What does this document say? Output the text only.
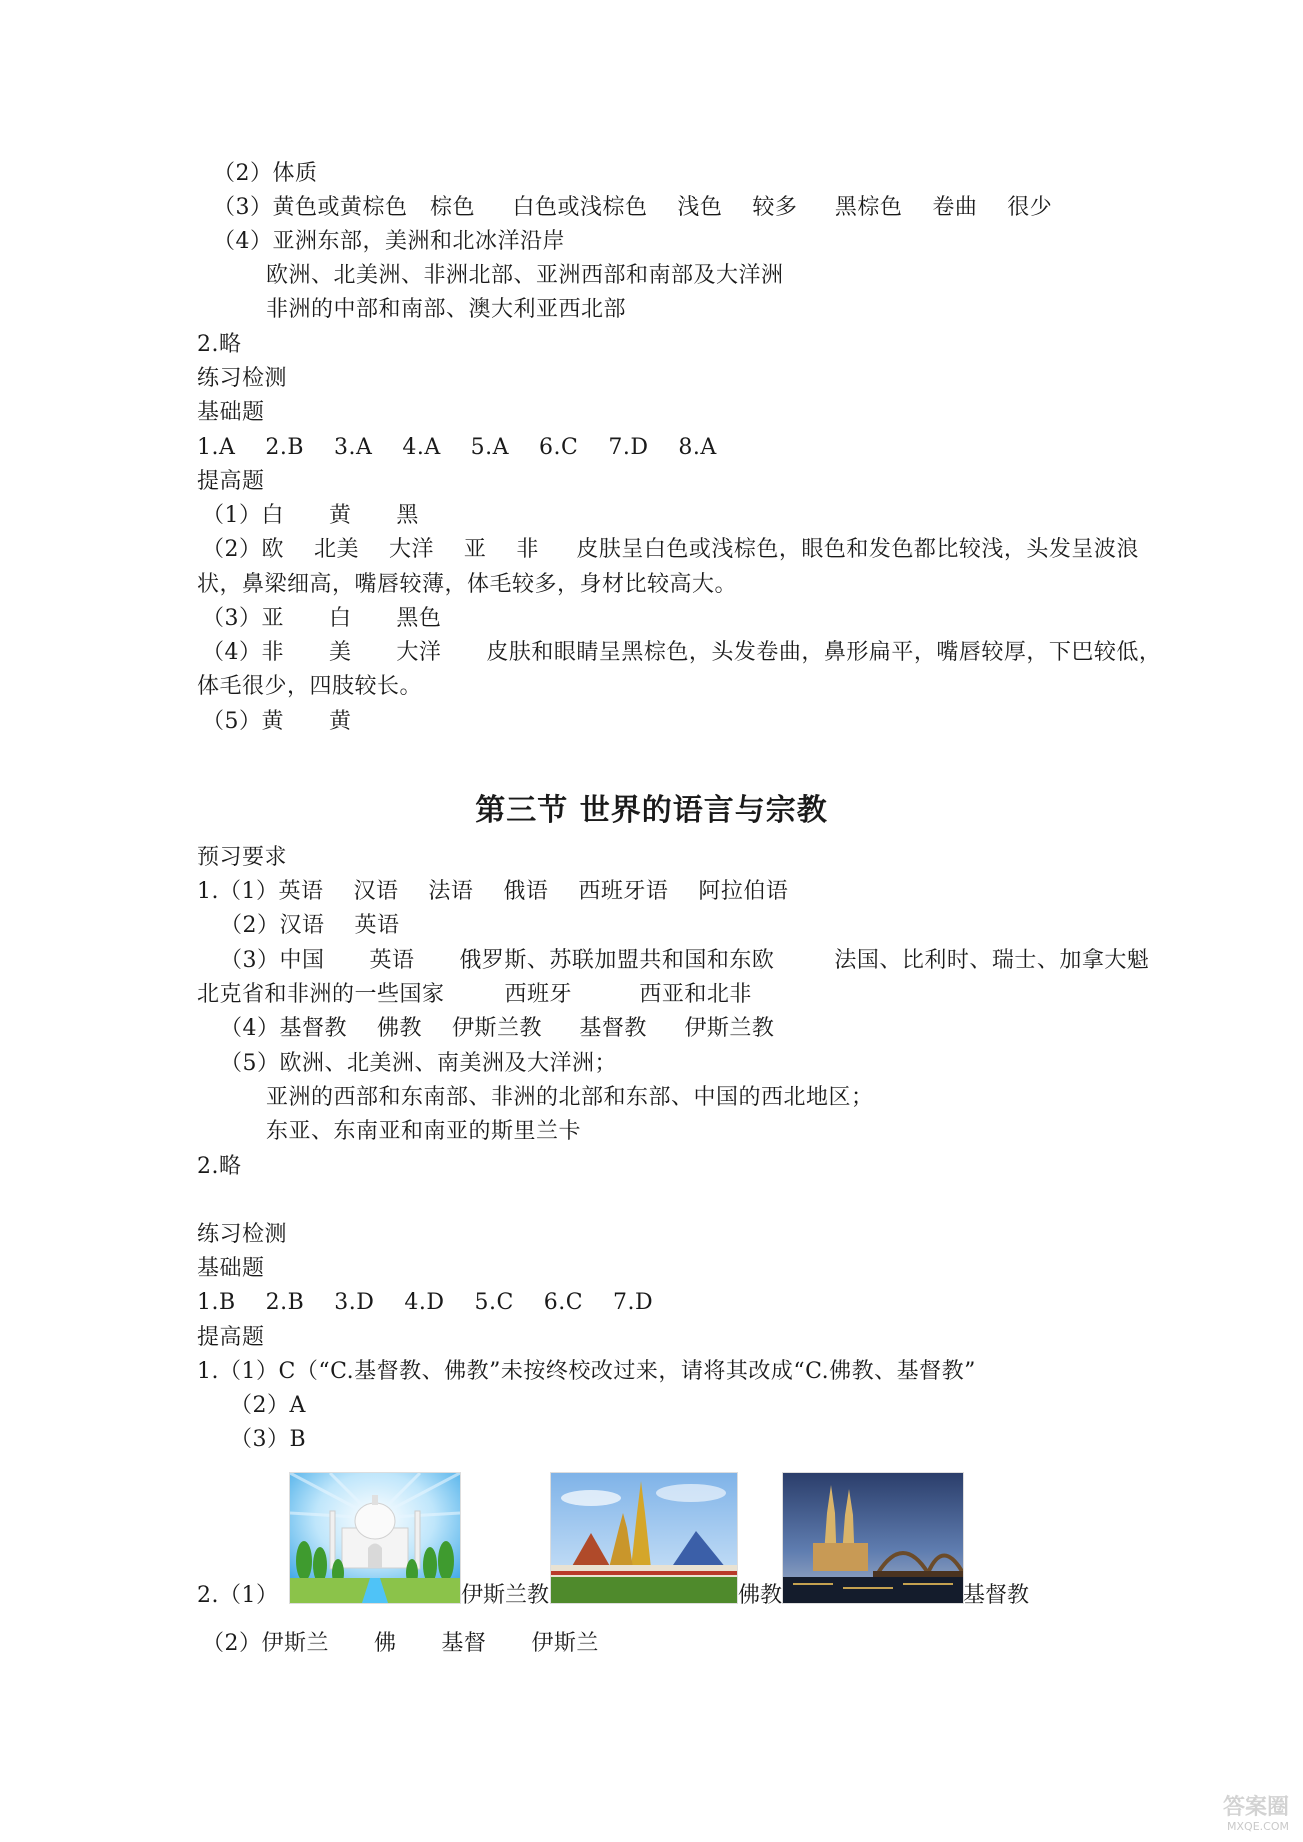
（2）体质
（3）黄色或黄棕色   棕色     白色或浅棕色    浅色    较多     黑棕色    卷曲    很少
（4）亚洲东部，美洲和北冰洋沿岸
欧洲、北美洲、非洲北部、亚洲西部和南部及大洋洲
非洲的中部和南部、澳大利亚西北部
2.略
练习检测
基础题
1.A    2.B    3.A    4.A    5.A    6.C    7.D    8.A
提高题
（1）白      黄      黑
（2）欧    北美    大洋    亚    非     皮肤呈白色或浅棕色，眼色和发色都比较浅，头发呈波浪
状，鼻梁细高，嘴唇较薄，体毛较多，身材比较高大。
（3）亚      白      黑色
（4）非      美      大洋      皮肤和眼睛呈黑棕色，头发卷曲，鼻形扁平，嘴唇较厚，下巴较低，
体毛很少，四肢较长。
（5）黄      黄
第三节 世界的语言与宗教
预习要求
1.（1）英语    汉语    法语    俄语    西班牙语    阿拉伯语
（2）汉语    英语
（3）中国      英语      俄罗斯、苏联加盟共和国和东欧        法国、比利时、瑞士、加拿大魁
北克省和非洲的一些国家        西班牙         西亚和北非
（4）基督教    佛教    伊斯兰教     基督教     伊斯兰教
（5）欧洲、北美洲、南美洲及大洋洲；
亚洲的西部和东南部、非洲的北部和东部、中国的西北地区；
东亚、东南亚和南亚的斯里兰卡
2.略
练习检测
基础题
1.B    2.B    3.D    4.D    5.C    6.C    7.D
提高题
1.（1）C（“C.基督教、佛教”未按终校改过来，请将其改成“C.佛教、基督教”
（2）A
（3）B
2.（1）	伊斯兰教	佛教	基督教
（2）伊斯兰      佛      基督      伊斯兰
答案圈
MXQE.COM
